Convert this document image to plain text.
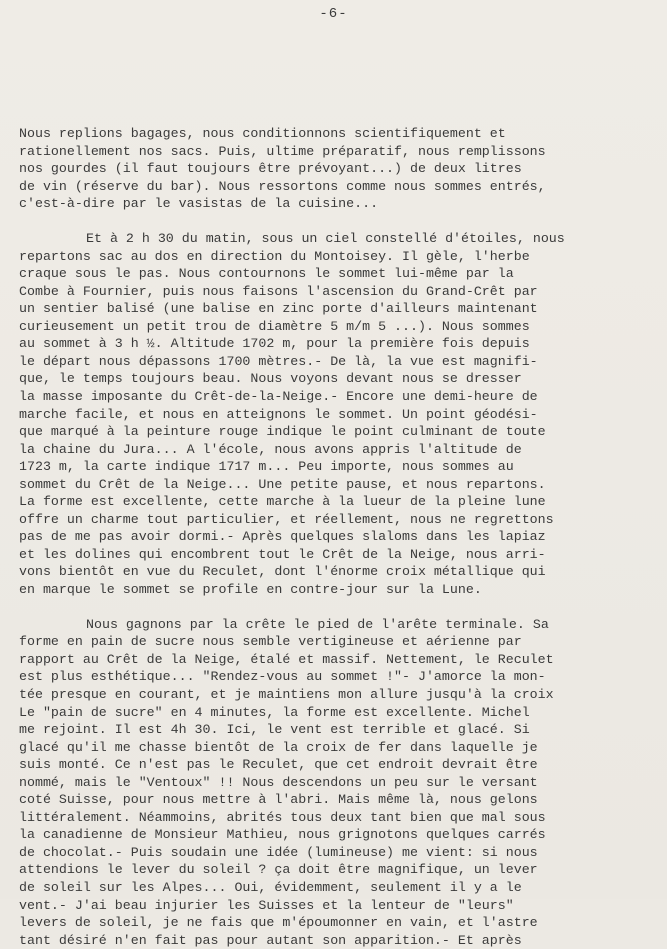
-6-
Nous replions bagages, nous conditionnons scientifiquement et
rationellement nos sacs. Puis, ultime préparatif, nous remplissons
nos gourdes (il faut toujours être prévoyant...) de deux litres
de vin (réserve du bar). Nous ressortons comme nous sommes entrés,
c'est-à-dire par le vasistas de la cuisine...
Et à 2 h 30 du matin, sous un ciel constellé d'étoiles, nous
repartons sac au dos en direction du Montoisey. Il gèle, l'herbe
craque sous le pas. Nous contournons le sommet lui-même par la
Combe à Fournier, puis nous faisons l'ascension du Grand-Crêt par
un sentier balisé (une balise en zinc porte d'ailleurs maintenant
curieusement un petit trou de diamètre 5 m/m 5 ...). Nous sommes
au sommet à 3 h ½. Altitude 1702 m, pour la première fois depuis
le départ nous dépassons 1700 mètres.- De là, la vue est magnifi-
que, le temps toujours beau. Nous voyons devant nous se dresser
la masse imposante du Crêt-de-la-Neige.- Encore une demi-heure de
marche facile, et nous en atteignons le sommet. Un point géodési-
que marqué à la peinture rouge indique le point culminant de toute
la chaine du Jura... A l'école, nous avons appris l'altitude de
1723 m, la carte indique 1717 m... Peu importe, nous sommes au
sommet du Crêt de la Neige... Une petite pause, et nous repartons.
La forme est excellente, cette marche à la lueur de la pleine lune
offre un charme tout particulier, et réellement, nous ne regrettons
pas de me pas avoir dormi.- Après quelques slaloms dans les lapiaz
et les dolines qui encombrent tout le Crêt de la Neige, nous arri-
vons bientôt en vue du Reculet, dont l'énorme croix métallique qui
en marque le sommet se profile en contre-jour sur la Lune.
Nous gagnons par la crête le pied de l'arête terminale. Sa
forme en pain de sucre nous semble vertigineuse et aérienne par
rapport au Crêt de la Neige, étalé et massif. Nettement, le Reculet
est plus esthétique... "Rendez-vous au sommet !"- J'amorce la mon-
tée presque en courant, et je maintiens mon allure jusqu'à la croix
Le "pain de sucre" en 4 minutes, la forme est excellente. Michel
me rejoint. Il est 4h 30. Ici, le vent est terrible et glacé. Si
glacé qu'il me chasse bientôt de la croix de fer dans laquelle je
suis monté. Ce n'est pas le Reculet, que cet endroit devrait être
nommé, mais le "Ventoux" !! Nous descendons un peu sur le versant
coté Suisse, pour nous mettre à l'abri. Mais même là, nous gelons
littéralement. Néammoins, abrités tous deux tant bien que mal sous
la canadienne de Monsieur Mathieu, nous grignotons quelques carrés
de chocolat.- Puis soudain une idée (lumineuse) me vient: si nous
attendions le lever du soleil ? ça doit être magnifique, un lever
de soleil sur les Alpes... Oui, évidemment, seulement il y a le
vent.- J'ai beau injurier les Suisses et la lenteur de "leurs"
levers de soleil, je ne fais que m'époumonner en vain, et l'astre
tant désiré n'en fait pas pour autant son apparition.- Et après
